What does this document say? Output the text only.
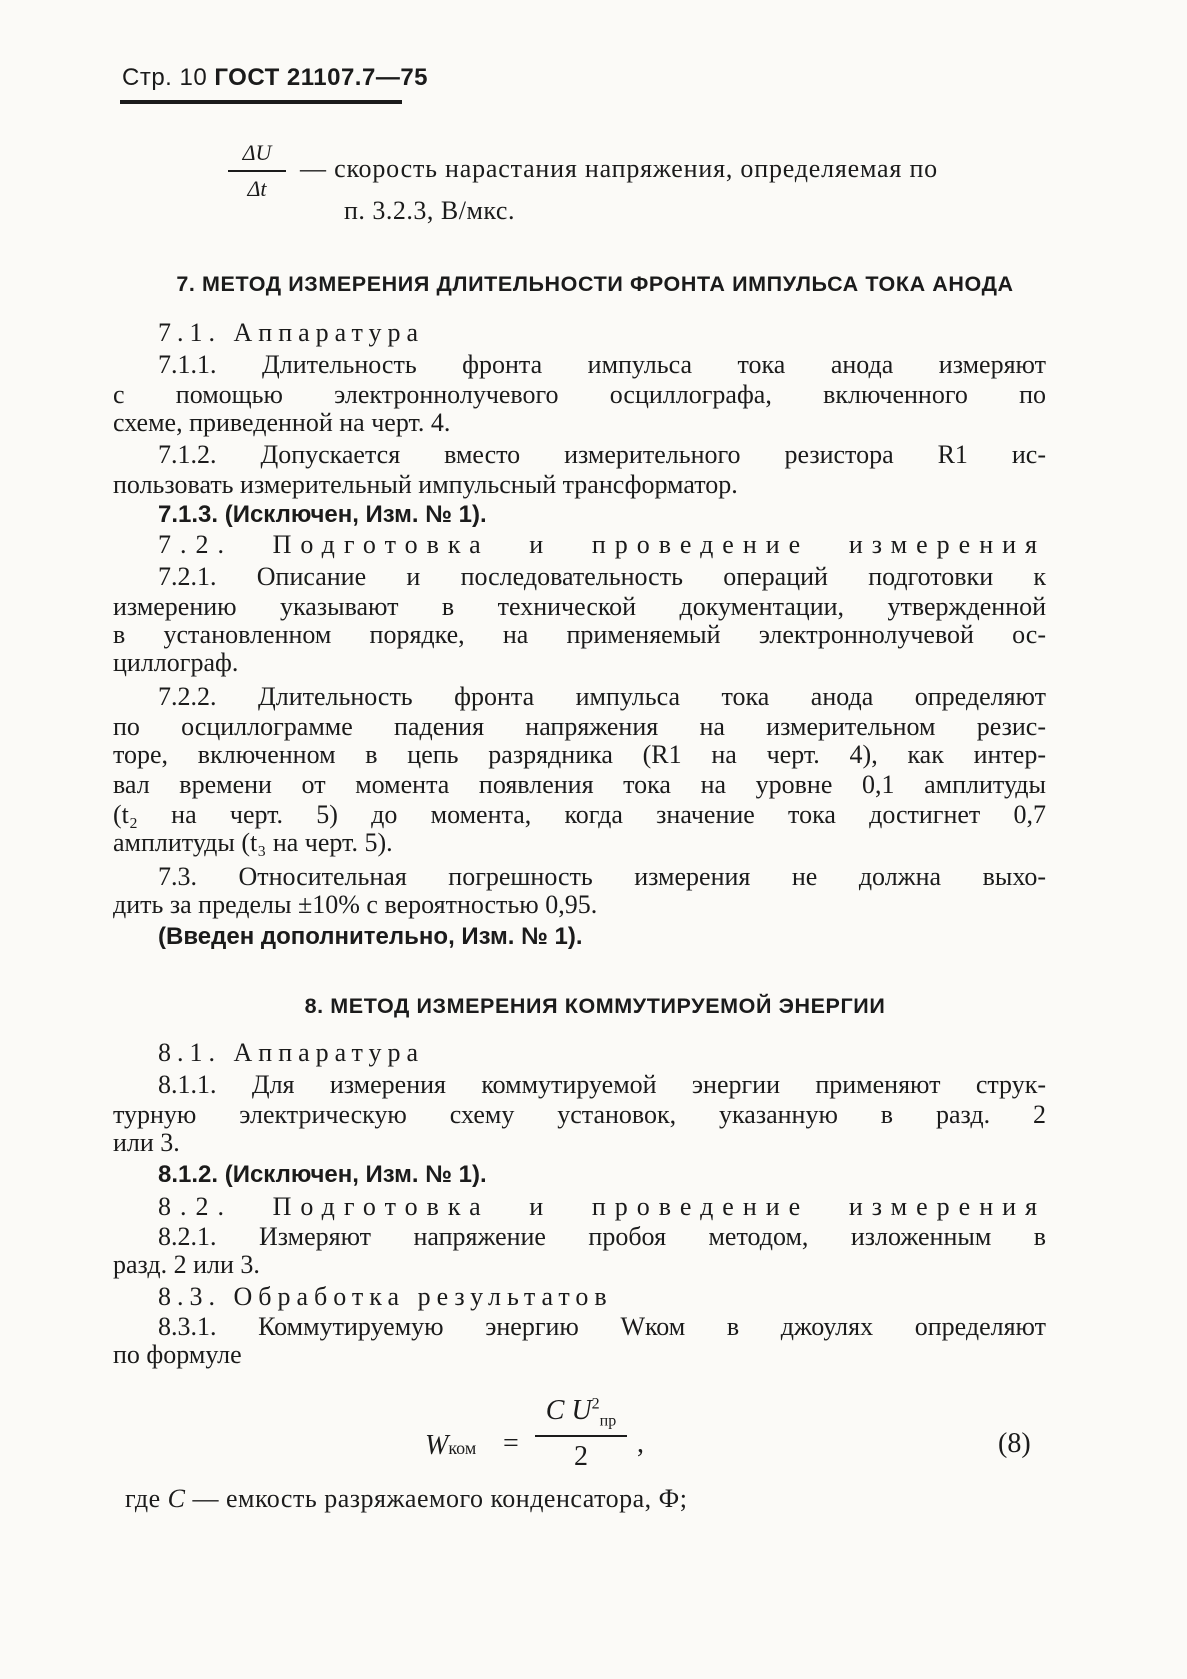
Стр. 10 ГОСТ 21107.7—75
ΔU
Δt
— скорость нарастания напряжения, определяемая по
п. 3.2.3, В/мкс.
7. МЕТОД ИЗМЕРЕНИЯ ДЛИТЕЛЬНОСТИ ФРОНТА ИМПУЛЬСА ТОКА АНОДА
7.1. Аппаратура
7.1.1. Длительность фронта импульса тока анода измеряют
с помощью электроннолучевого осциллографа, включенного по
схеме, приведенной на черт. 4.
7.1.2. Допускается вместо измерительного резистора R1 ис-
пользовать измерительный импульсный трансформатор.
7.1.3. (Исключен, Изм. № 1).
7.2. Подготовка и проведение измерения
7.2.1. Описание и последовательность операций подготовки к
измерению указывают в технической документации, утвержденной
в установленном порядке, на применяемый электроннолучевой ос-
циллограф.
7.2.2. Длительность фронта импульса тока анода определяют
по осциллограмме падения напряжения на измерительном резис-
торе, включенном в цепь разрядника (R1 на черт. 4), как интер-
вал времени от момента появления тока на уровне 0,1 амплитуды
(t₂ на черт. 5) до момента, когда значение тока достигнет 0,7
амплитуды (t₃ на черт. 5).
7.3. Относительная погрешность измерения не должна выхо-
дить за пределы ±10% с вероятностью 0,95.
(Введен дополнительно, Изм. № 1).
8. МЕТОД ИЗМЕРЕНИЯ КОММУТИРУЕМОЙ ЭНЕРГИИ
8.1. Аппаратура
8.1.1. Для измерения коммутируемой энергии применяют струк-
турную электрическую схему установок, указанную в разд. 2
или 3.
8.1.2. (Исключен, Изм. № 1).
8.2. Подготовка и проведение измерения
8.2.1. Измеряют напряжение пробоя методом, изложенным в
разд. 2 или 3.
8.3. Обработка результатов
8.3.1. Коммутируемую энергию Wком в джоулях определяют
по формуле
Wком =
C $U^2_{пр}$
2	,	(8)
где C — емкость разряжаемого конденсатора, Ф;
